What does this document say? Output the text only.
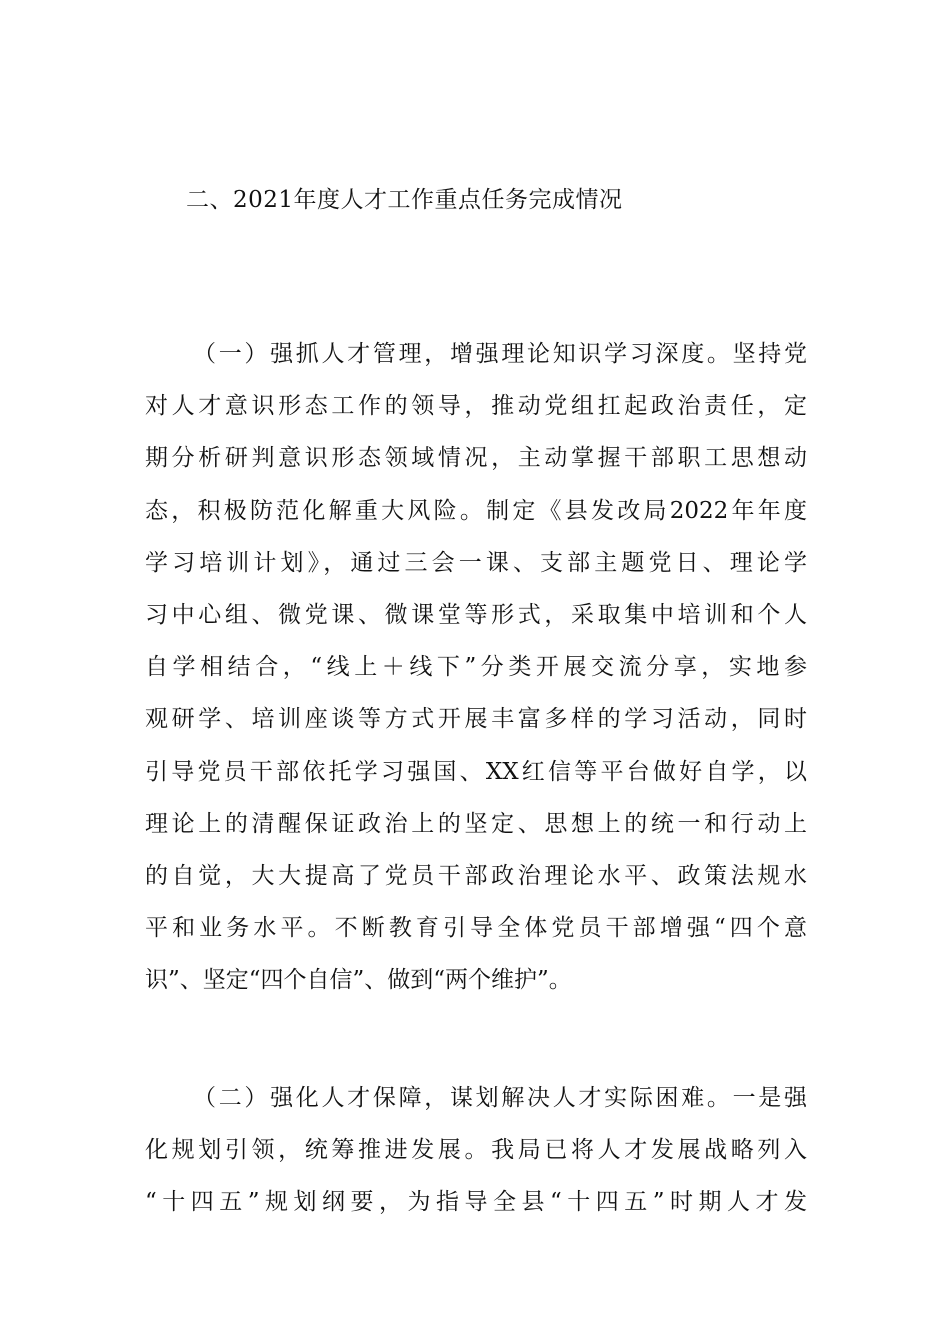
二、2021年度人才工作重点任务完成情况
（一）强抓人才管理，增强理论知识学习深度。坚持党
对人才意识形态工作的领导，推动党组扛起政治责任，定
期分析研判意识形态领域情况，主动掌握干部职工思想动
态，积极防范化解重大风险。制定《县发改局2022年年度
学习培训计划》，通过三会一课、支部主题党日、理论学
习中心组、微党课、微课堂等形式，采取集中培训和个人
自学相结合，“线上＋线下”分类开展交流分享，实地参
观研学、培训座谈等方式开展丰富多样的学习活动，同时
引导党员干部依托学习强国、XX红信等平台做好自学，以
理论上的清醒保证政治上的坚定、思想上的统一和行动上
的自觉，大大提高了党员干部政治理论水平、政策法规水
平和业务水平。不断教育引导全体党员干部增强“四个意
识”、坚定“四个自信”、做到“两个维护”。
（二）强化人才保障，谋划解决人才实际困难。一是强
化规划引领，统筹推进发展。我局已将人才发展战略列入
“十四五”规划纲要，为指导全县“十四五”时期人才发
